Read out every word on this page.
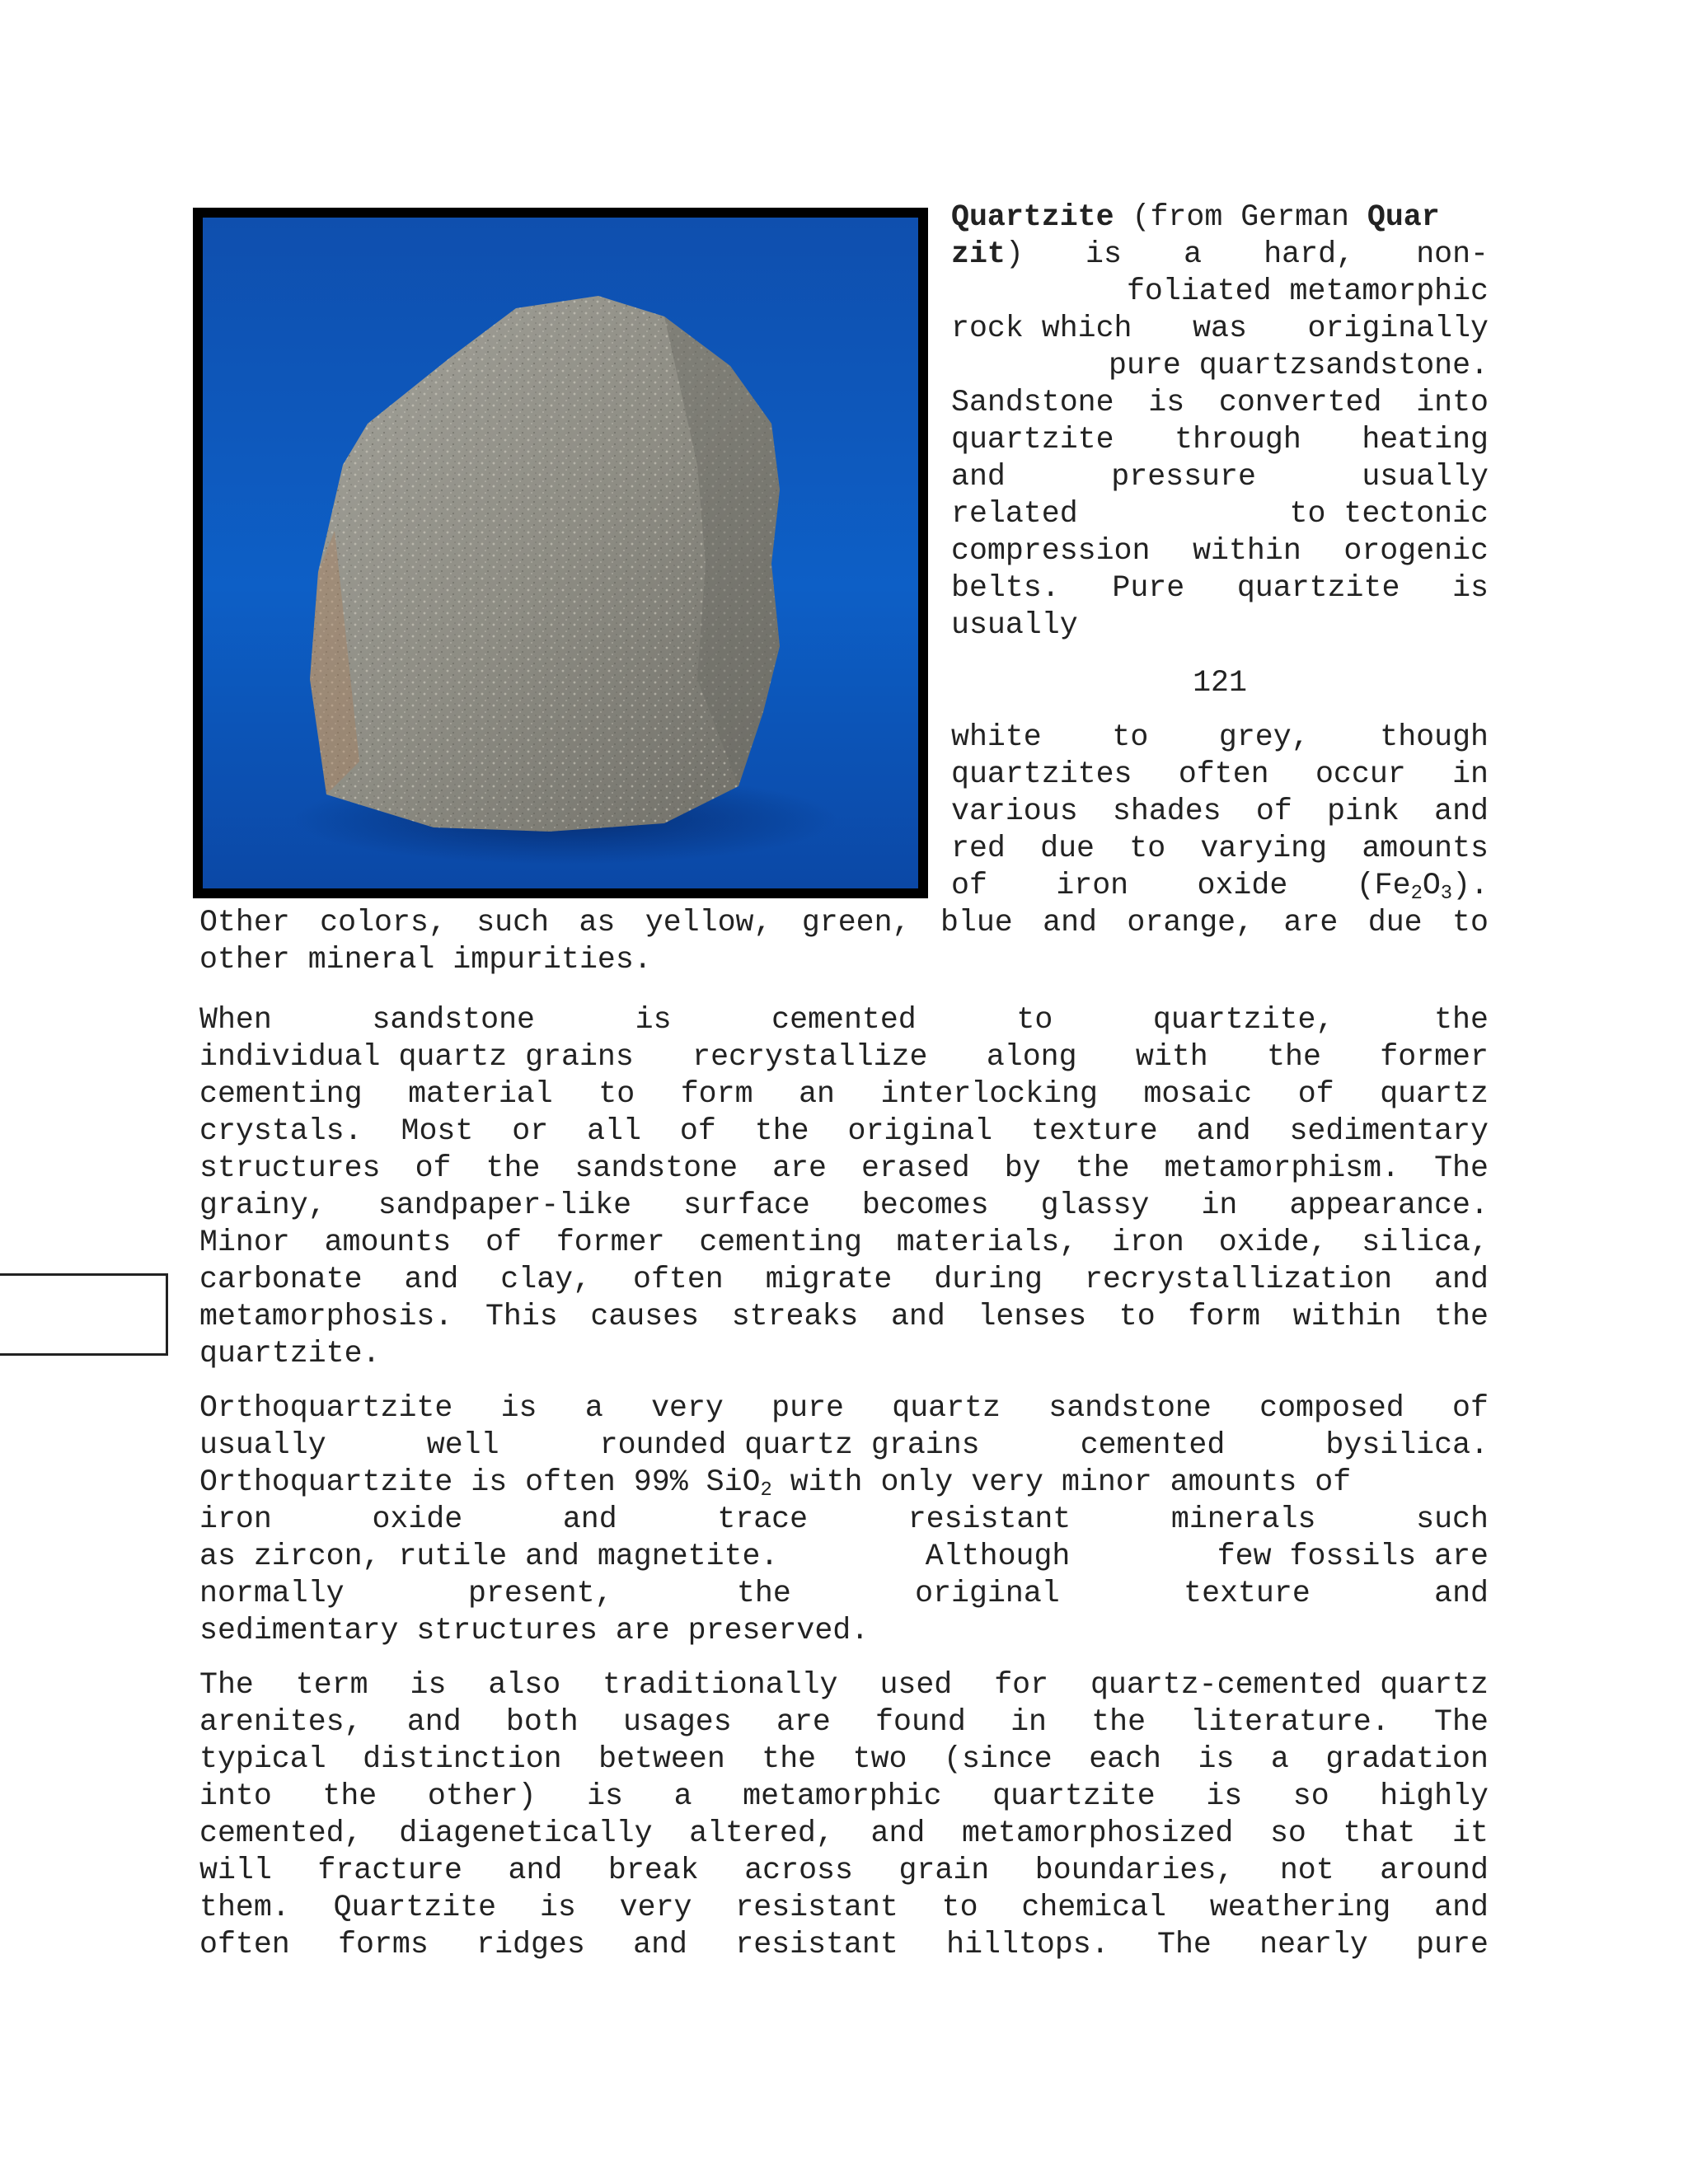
Quartzite (from German Quar
zit) is a hard, non-
foliated metamorphic
rock which was originally
pure quartzsandstone.
Sandstone is converted into
quartzite through heating
and	pressure	usually
related	to tectonic
compression within orogenic
belts. Pure quartzite is
usually
121
white to grey, though
quartzites often occur in
various shades of pink and
red due to varying amounts
of iron oxide $(Fe_2O_3)$.
Other colors, such as yellow, green, blue and orange, are due to
other mineral impurities.
When	sandstone	is	cemented	to	quartzite,	the
individual quartz grains recrystallize along with the former
cementing material to form an interlocking mosaic of quartz
crystals. Most or all of the original texture and sedimentary
structures of the sandstone are erased by the metamorphism. The
grainy, sandpaper-like surface becomes glassy in appearance.
Minor amounts of former cementing materials, iron oxide, silica,
carbonate and clay, often migrate during recrystallization and
metamorphosis. This causes streaks and lenses to form within the
quartzite.
Orthoquartzite is a very pure quartz sandstone composed of
usually	well	rounded quartz grains	cemented	bysilica.
Orthoquartzite is often 99% SiO$_2$ with only very minor amounts of
iron	oxide	and	trace	resistant	minerals	such
as zircon, rutile and magnetite.	Although	few fossils are
normally	present,	the	original	texture	and
sedimentary structures are preserved.
The term is also traditionally used for quartz-cemented quartz
arenites, and both usages are found in the literature. The
typical distinction between the two (since each is a gradation
into the other) is a metamorphic quartzite is so highly
cemented, diagenetically altered, and metamorphosized so that it
will fracture and break across grain boundaries, not around
them. Quartzite is very resistant to chemical weathering and
often forms ridges and resistant hilltops. The nearly pure
